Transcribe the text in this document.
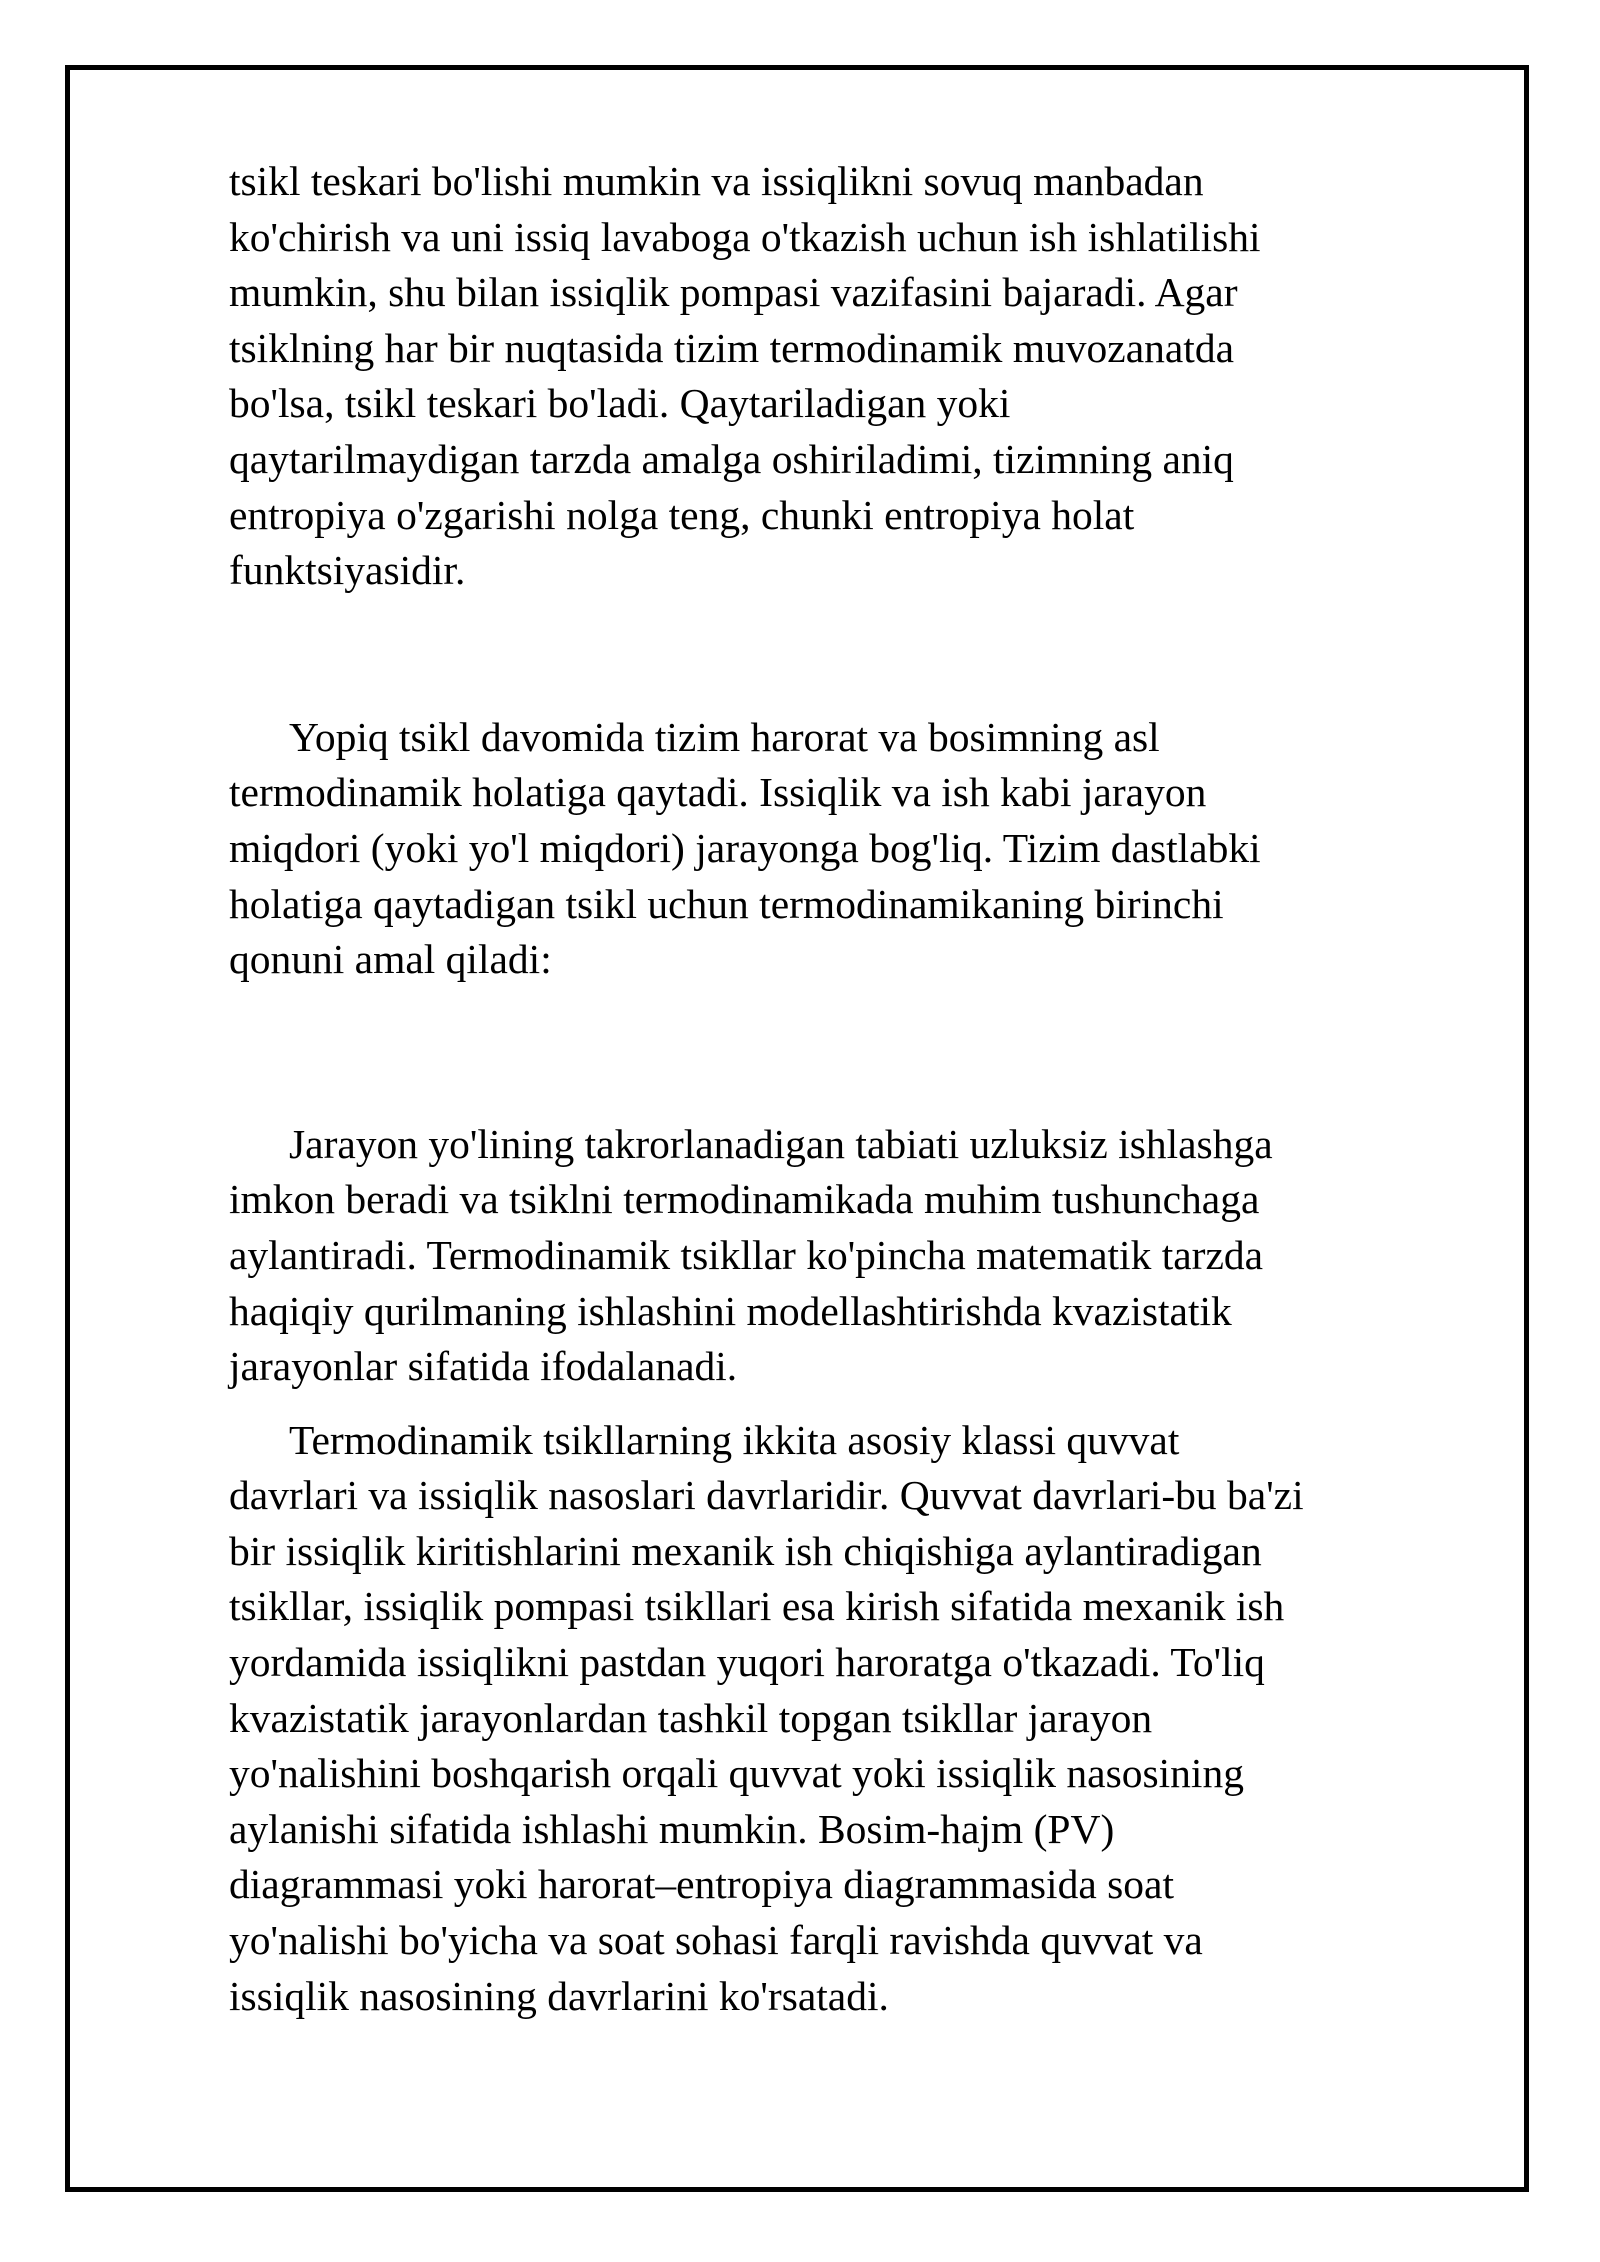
tsikl teskari bo'lishi mumkin va issiqlikni sovuq manbadan
ko'chirish va uni issiq lavaboga o'tkazish uchun ish ishlatilishi
mumkin, shu bilan issiqlik pompasi vazifasini bajaradi. Agar
tsiklning har bir nuqtasida tizim termodinamik muvozanatda
bo'lsa, tsikl teskari bo'ladi. Qaytariladigan yoki
qaytarilmaydigan tarzda amalga oshiriladimi, tizimning aniq
entropiya o'zgarishi nolga teng, chunki entropiya holat
funktsiyasidir.

Yopiq tsikl davomida tizim harorat va bosimning asl
termodinamik holatiga qaytadi. Issiqlik va ish kabi jarayon
miqdori (yoki yo'l miqdori) jarayonga bog'liq. Tizim dastlabki
holatiga qaytadigan tsikl uchun termodinamikaning birinchi
qonuni amal qiladi:

Jarayon yo'lining takrorlanadigan tabiati uzluksiz ishlashga
imkon beradi va tsiklni termodinamikada muhim tushunchaga
aylantiradi. Termodinamik tsikllar ko'pincha matematik tarzda
haqiqiy qurilmaning ishlashini modellashtirishda kvazistatik
jarayonlar sifatida ifodalanadi.

Termodinamik tsikllarning ikkita asosiy klassi quvvat
davrlari va issiqlik nasoslari davrlaridir. Quvvat davrlari-bu ba'zi
bir issiqlik kiritishlarini mexanik ish chiqishiga aylantiradigan
tsikllar, issiqlik pompasi tsikllari esa kirish sifatida mexanik ish
yordamida issiqlikni pastdan yuqori haroratga o'tkazadi. To'liq
kvazistatik jarayonlardan tashkil topgan tsikllar jarayon
yo'nalishini boshqarish orqali quvvat yoki issiqlik nasosining
aylanishi sifatida ishlashi mumkin. Bosim-hajm (PV)
diagrammasi yoki harorat–entropiya diagrammasida soat
yo'nalishi bo'yicha va soat sohasi farqli ravishda quvvat va
issiqlik nasosining davrlarini ko'rsatadi.
